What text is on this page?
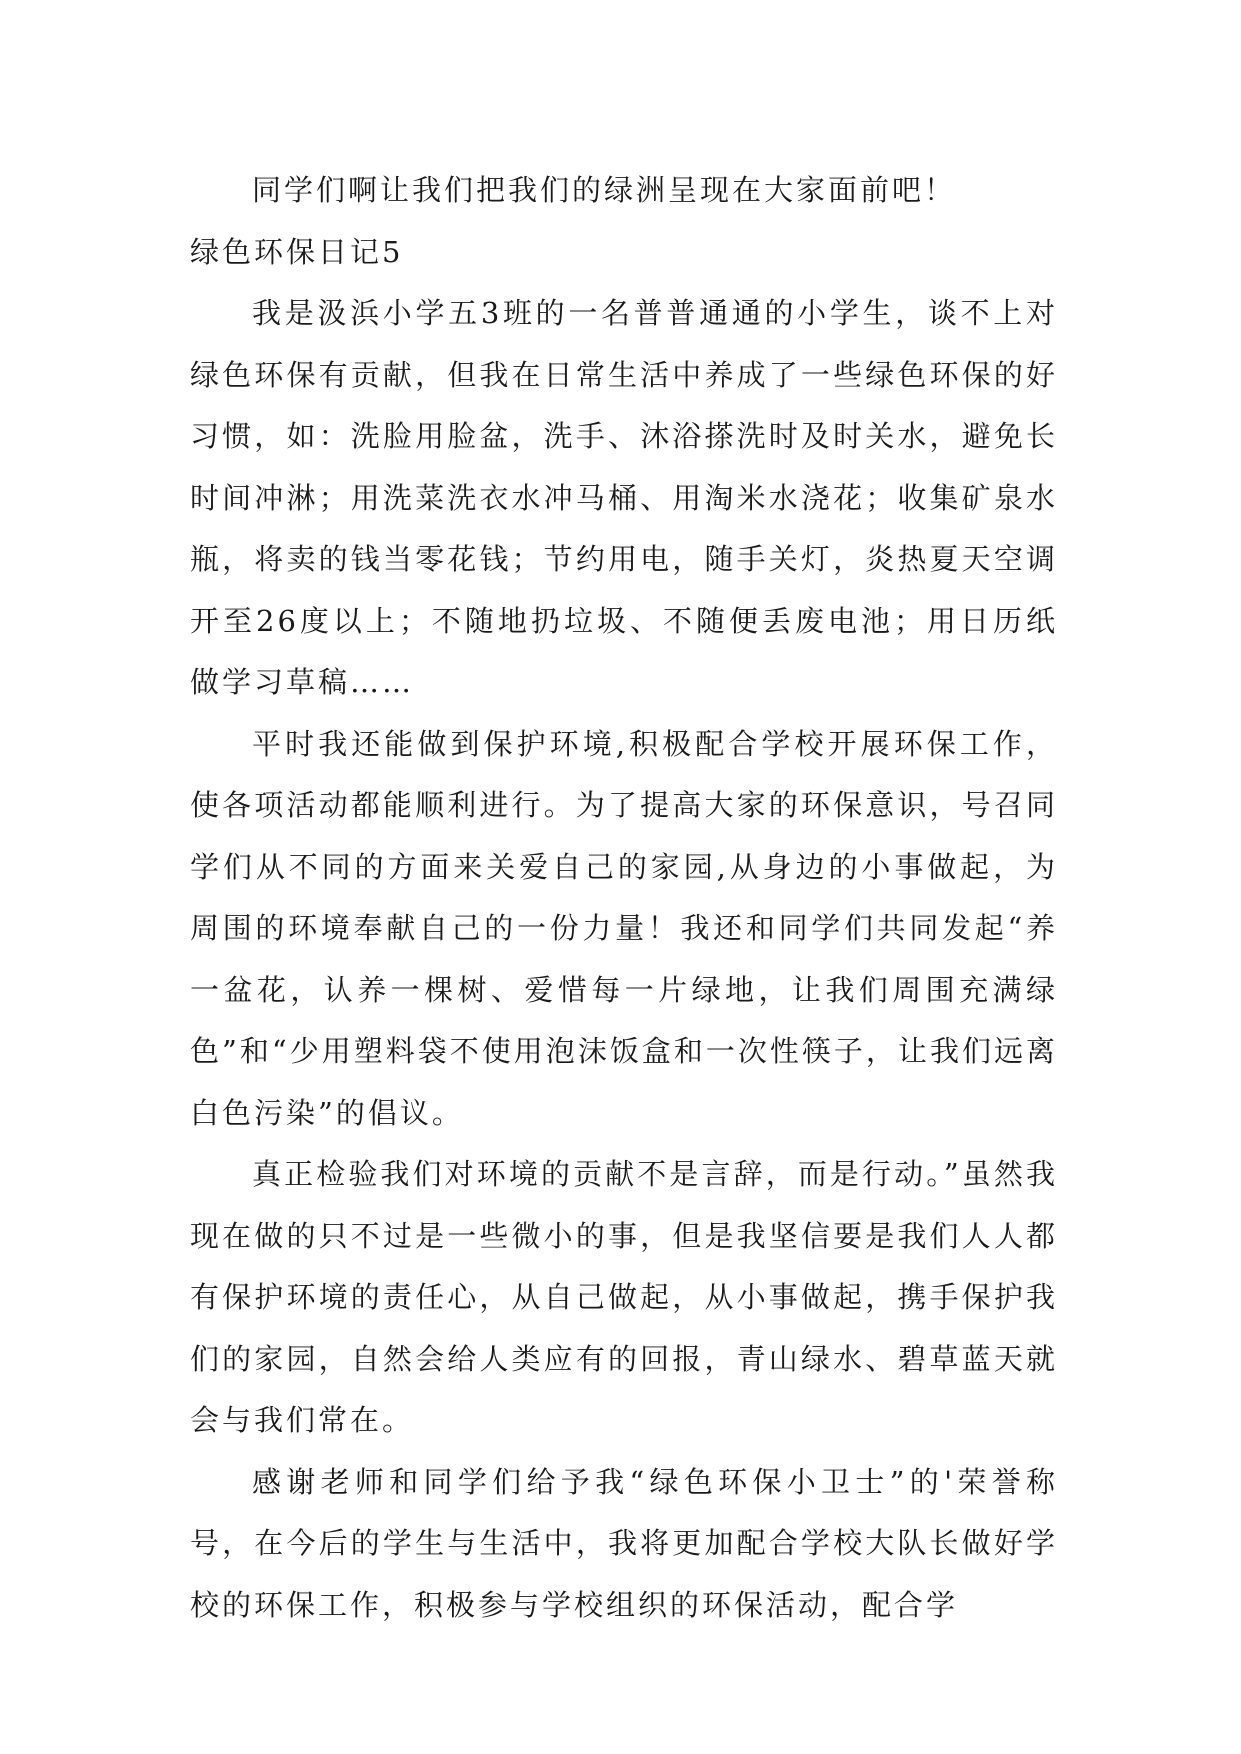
同学们啊让我们把我们的绿洲呈现在大家面前吧！

绿色环保日记5

我是汲浜小学五3班的一名普普通通的小学生，谈不上对绿色环保有贡献，但我在日常生活中养成了一些绿色环保的好习惯，如：洗脸用脸盆，洗手、沐浴搽洗时及时关水，避免长时间冲淋；用洗菜洗衣水冲马桶、用淘米水浇花；收集矿泉水瓶，将卖的钱当零花钱；节约用电，随手关灯，炎热夏天空调开至26度以上；不随地扔垃圾、不随便丢废电池；用日历纸做学习草稿……

平时我还能做到保护环境,积极配合学校开展环保工作，使各项活动都能顺利进行。为了提高大家的环保意识，号召同学们从不同的方面来关爱自己的家园,从身边的小事做起，为周围的环境奉献自己的一份力量！我还和同学们共同发起“养一盆花，认养一棵树、爱惜每一片绿地，让我们周围充满绿色”和“少用塑料袋不使用泡沫饭盒和一次性筷子，让我们远离白色污染”的倡议。

真正检验我们对环境的贡献不是言辞，而是行动。”虽然我现在做的只不过是一些微小的事，但是我坚信要是我们人人都有保护环境的责任心，从自己做起，从小事做起，携手保护我们的家园，自然会给人类应有的回报，青山绿水、碧草蓝天就会与我们常在。

感谢老师和同学们给予我“绿色环保小卫士”的'荣誉称号，在今后的学生与生活中，我将更加配合学校大队长做好学校的环保工作，积极参与学校组织的环保活动，配合学
